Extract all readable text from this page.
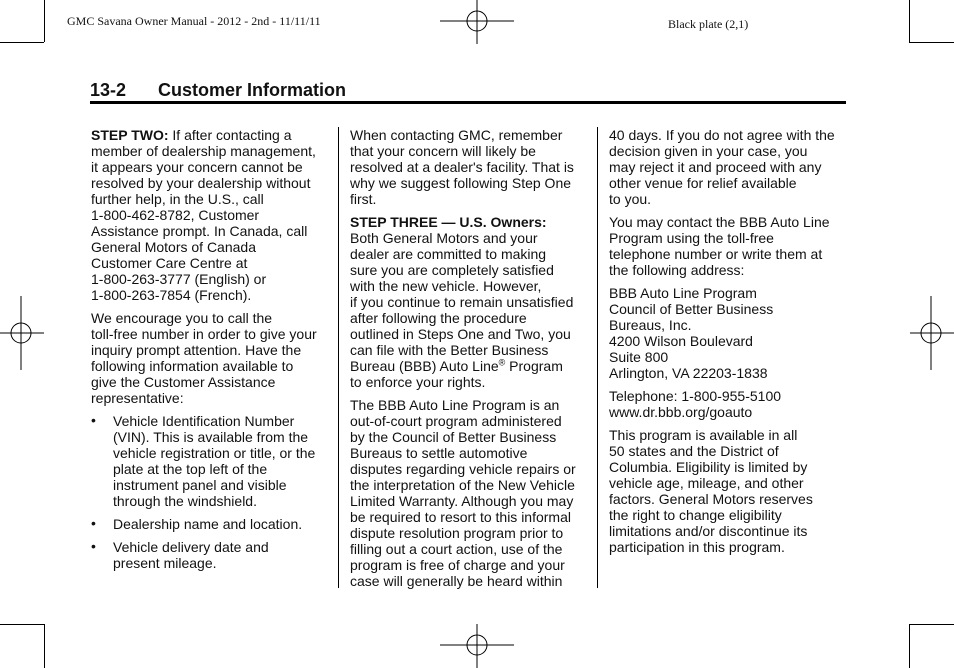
GMC Savana Owner Manual - 2012 - 2nd - 11/11/11	Black plate (2,1)
13-2 Customer Information

STEP TWO: If after contacting a
member of dealership management,
it appears your concern cannot be
resolved by your dealership without
further help, in the U.S., call
1-800-462-8782, Customer
Assistance prompt. In Canada, call
General Motors of Canada
Customer Care Centre at
1-800-263-3777 (English) or
1-800-263-7854 (French).

We encourage you to call the
toll-free number in order to give your
inquiry prompt attention. Have the
following information available to
give the Customer Assistance
representative:

• Vehicle Identification Number
(VIN). This is available from the
vehicle registration or title, or the
plate at the top left of the
instrument panel and visible
through the windshield.
• Dealership name and location.
• Vehicle delivery date and
present mileage.

When contacting GMC, remember
that your concern will likely be
resolved at a dealer's facility. That is
why we suggest following Step One
first.

STEP THREE — U.S. Owners:
Both General Motors and your
dealer are committed to making
sure you are completely satisfied
with the new vehicle. However,
if you continue to remain unsatisfied
after following the procedure
outlined in Steps One and Two, you
can file with the Better Business
Bureau (BBB) Auto Line® Program
to enforce your rights.

The BBB Auto Line Program is an
out-of-court program administered
by the Council of Better Business
Bureaus to settle automotive
disputes regarding vehicle repairs or
the interpretation of the New Vehicle
Limited Warranty. Although you may
be required to resort to this informal
dispute resolution program prior to
filling out a court action, use of the
program is free of charge and your
case will generally be heard within

40 days. If you do not agree with the
decision given in your case, you
may reject it and proceed with any
other venue for relief available
to you.

You may contact the BBB Auto Line
Program using the toll-free
telephone number or write them at
the following address:

BBB Auto Line Program
Council of Better Business
Bureaus, Inc.
4200 Wilson Boulevard
Suite 800
Arlington, VA 22203-1838

Telephone: 1-800-955-5100
www.dr.bbb.org/goauto

This program is available in all
50 states and the District of
Columbia. Eligibility is limited by
vehicle age, mileage, and other
factors. General Motors reserves
the right to change eligibility
limitations and/or discontinue its
participation in this program.
